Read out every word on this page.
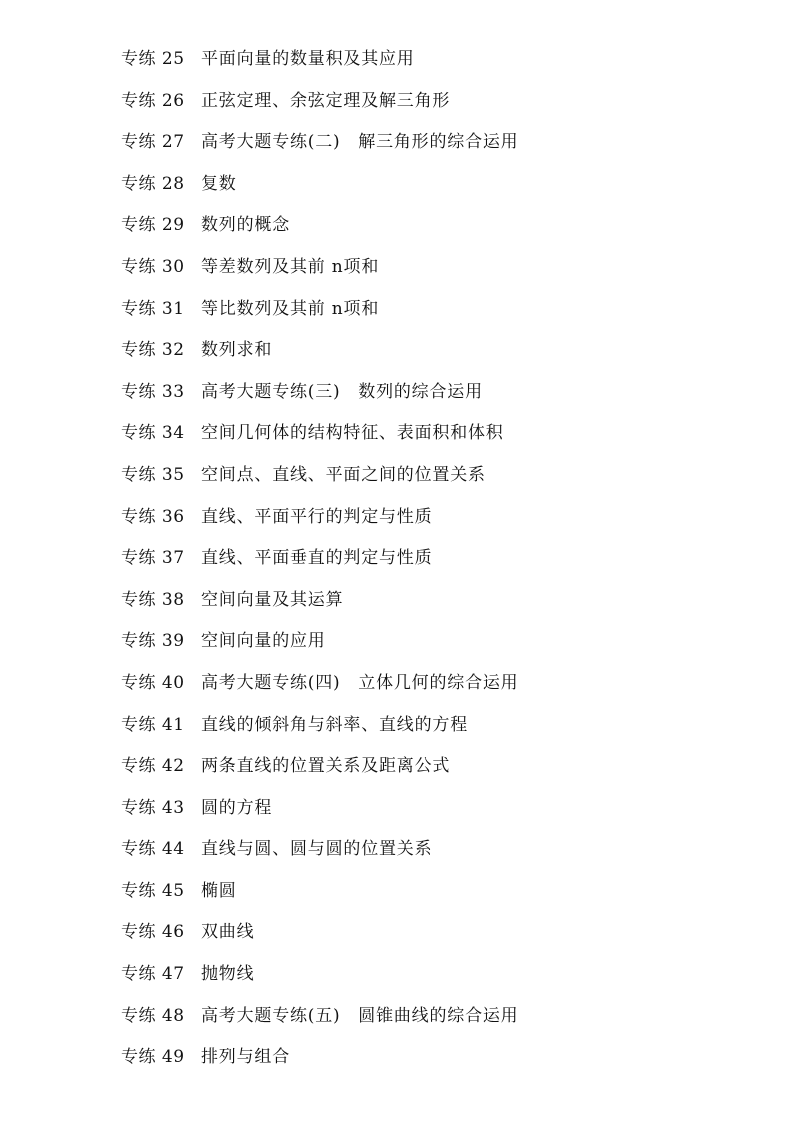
专练 25 平面向量的数量积及其应用
专练 26 正弦定理、余弦定理及解三角形
专练 27 高考大题专练(二)　解三角形的综合运用
专练 28 复数
专练 29 数列的概念
专练 30 等差数列及其前 n项和
专练 31 等比数列及其前 n项和
专练 32 数列求和
专练 33 高考大题专练(三)　数列的综合运用
专练 34 空间几何体的结构特征、表面积和体积
专练 35 空间点、直线、平面之间的位置关系
专练 36 直线、平面平行的判定与性质
专练 37 直线、平面垂直的判定与性质
专练 38 空间向量及其运算
专练 39 空间向量的应用
专练 40 高考大题专练(四)　立体几何的综合运用
专练 41 直线的倾斜角与斜率、直线的方程
专练 42 两条直线的位置关系及距离公式
专练 43 圆的方程
专练 44 直线与圆、圆与圆的位置关系
专练 45 椭圆
专练 46 双曲线
专练 47 抛物线
专练 48 高考大题专练(五)　圆锥曲线的综合运用
专练 49 排列与组合
